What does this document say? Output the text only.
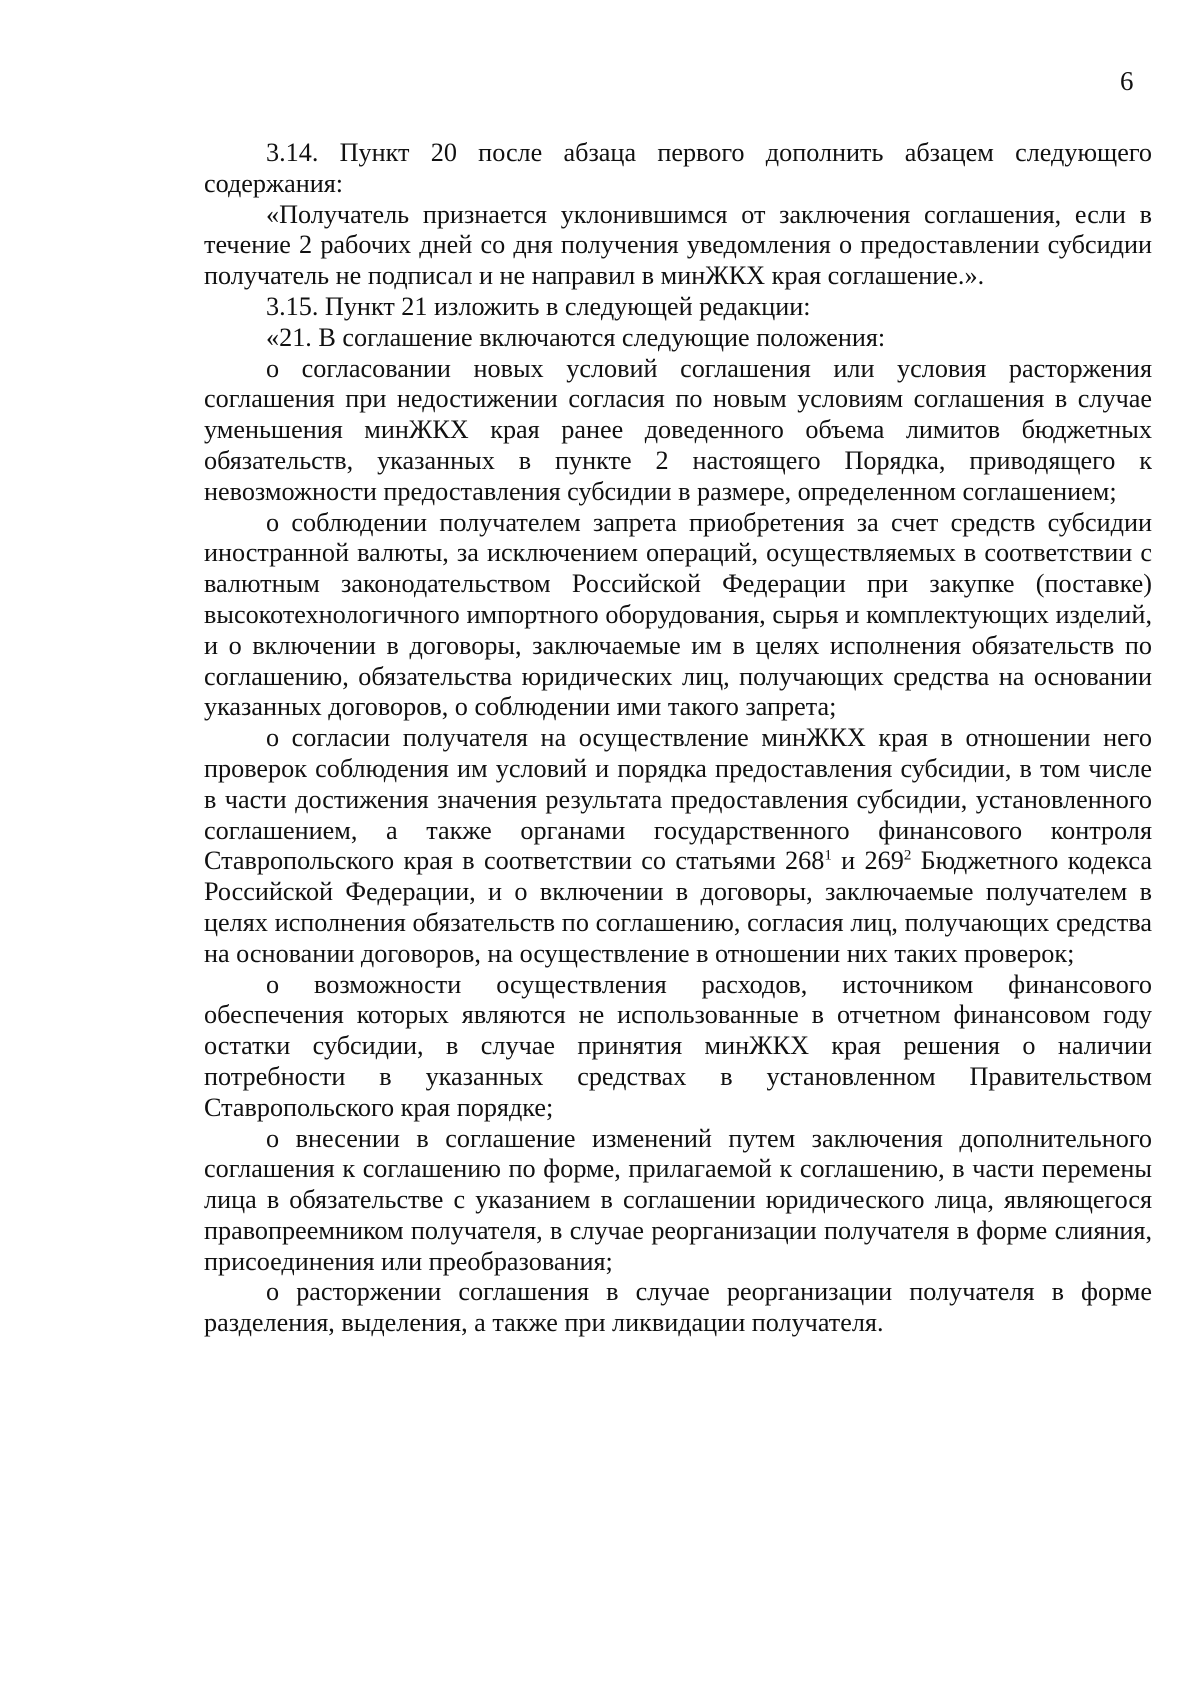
6

3.14. Пункт 20 после абзаца первого дополнить абзацем следующего содержания:

«Получатель признается уклонившимся от заключения соглашения, если в течение 2 рабочих дней со дня получения уведомления о предоставлении субсидии получатель не подписал и не направил в минЖКХ края соглашение.».

3.15. Пункт 21 изложить в следующей редакции:

«21. В соглашение включаются следующие положения:

о согласовании новых условий соглашения или условия расторжения соглашения при недостижении согласия по новым условиям соглашения в случае уменьшения минЖКХ края ранее доведенного объема лимитов бюджетных обязательств, указанных в пункте 2 настоящего Порядка, приводящего к невозможности предоставления субсидии в размере, определенном соглашением;

о соблюдении получателем запрета приобретения за счет средств субсидии иностранной валюты, за исключением операций, осуществляемых в соответствии с валютным законодательством Российской Федерации при закупке (поставке) высокотехнологичного импортного оборудования, сырья и комплектующих изделий, и о включении в договоры, заключаемые им в целях исполнения обязательств по соглашению, обязательства юридических лиц, получающих средства на основании указанных договоров, о соблюдении ими такого запрета;

о согласии получателя на осуществление минЖКХ края в отношении него проверок соблюдения им условий и порядка предоставления субсидии, в том числе в части достижения значения результата предоставления субсидии, установленного соглашением, а также органами государственного финансового контроля Ставропольского края в соответствии со статьями $268^1$ и $269^2$ Бюджетного кодекса Российской Федерации, и о включении в договоры, заключаемые получателем в целях исполнения обязательств по соглашению, согласия лиц, получающих средства на основании договоров, на осуществление в отношении них таких проверок;

о возможности осуществления расходов, источником финансового обеспечения которых являются не использованные в отчетном финансовом году остатки субсидии, в случае принятия минЖКХ края решения о наличии потребности в указанных средствах в установленном Правительством Ставропольского края порядке;

о внесении в соглашение изменений путем заключения дополнительного соглашения к соглашению по форме, прилагаемой к соглашению, в части перемены лица в обязательстве с указанием в соглашении юридического лица, являющегося правопреемником получателя, в случае реорганизации получателя в форме слияния, присоединения или преобразования;

о расторжении соглашения в случае реорганизации получателя в форме разделения, выделения, а также при ликвидации получателя.
